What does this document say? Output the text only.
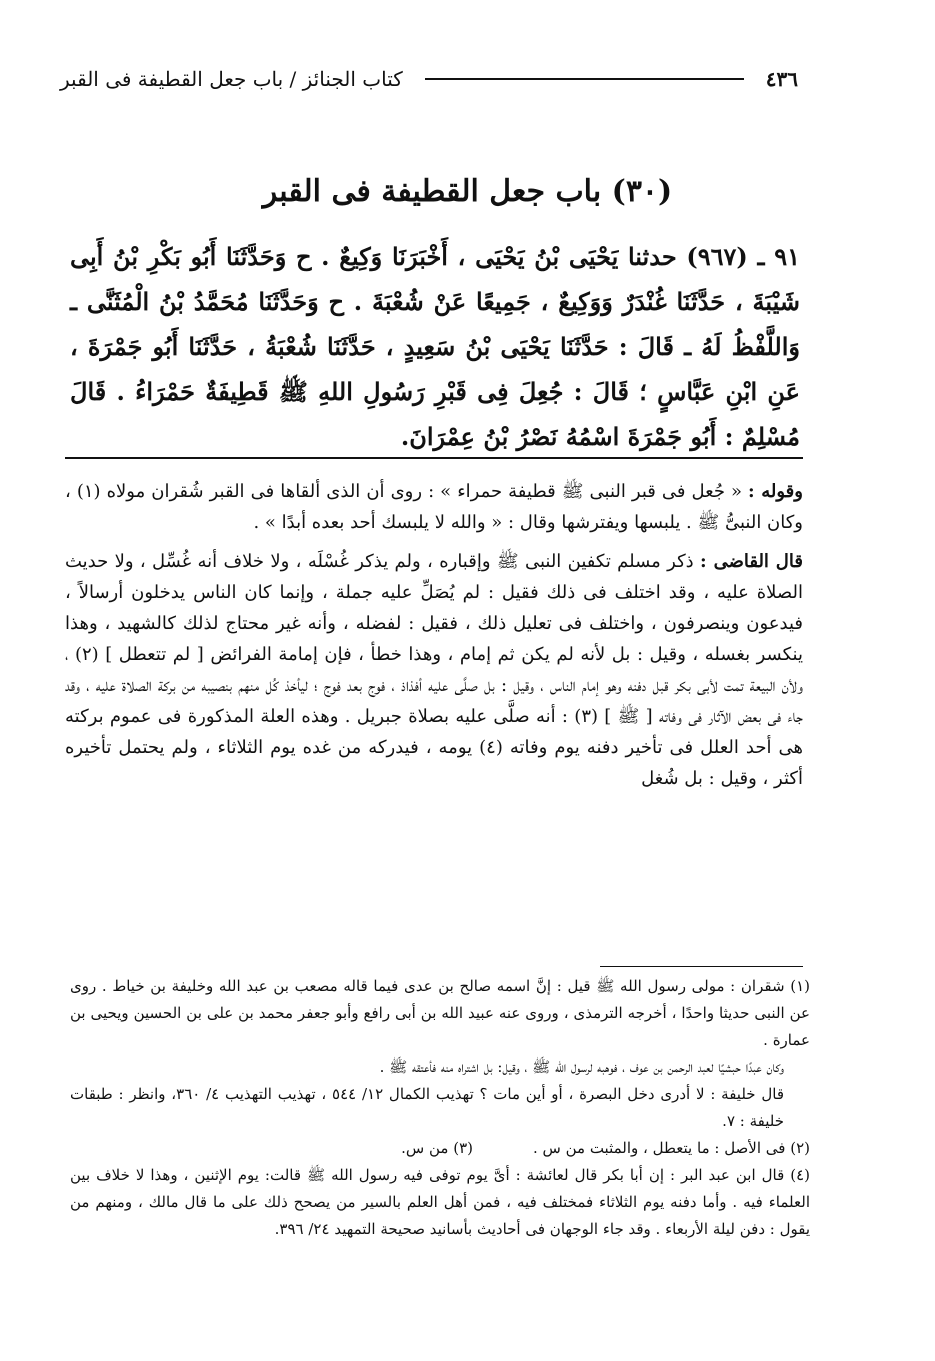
٤٣٦
كتاب الجنائز / باب جعل القطيفة فى القبر
(٣٠) باب جعل القطيفة فى القبر
٩١ ـ (٩٦٧) حدثنا يَحْيَى بْنُ يَحْيَى ، أَخْبَرَنَا وَكِيعٌ . ح وَحَدَّثَنَا أَبُو بَكْرِ بْنُ أَبِى شَيْبَةَ ، حَدَّثَنَا غُنْدَرٌ وَوَكِيعٌ ، جَمِيعًا عَنْ شُعْبَةَ . ح وَحَدَّثَنَا مُحَمَّدُ بْنُ الْمُثَنَّى ـ وَاللَّفْظُ لَهُ ـ قَالَ : حَدَّثَنَا يَحْيَى بْنُ سَعِيدٍ ، حَدَّثَنَا شُعْبَةُ ، حَدَّثَنَا أَبُو جَمْرَةَ ، عَنِ ابْنِ عَبَّاسٍ ؛ قَالَ : جُعِلَ فِى قَبْرِ رَسُولِ اللهِ ﷺ قَطِيفَةٌ حَمْرَاءُ . قَالَ مُسْلِمٌ : أَبُو جَمْرَةَ اسْمُهُ نَصْرُ بْنُ عِمْرَانَ.

وقوله : « جُعل فى قبر النبى ﷺ قطيفة حمراء » : روى أن الذى ألقاها فى القبر شُقران مولاه (١) ، وكان النبىُّ ﷺ . يلبسها ويفترشها وقال : « والله لا يلبسك أحد بعده أبدًا » .

قال القاضى : ذكر مسلم تكفين النبى ﷺ وإقباره ، ولم يذكر غُسْلَه ، ولا خلاف أنه غُسِّل ، ولا حديث الصلاة عليه ، وقد اختلف فى ذلك فقيل : لم يُصَلِّ عليه جملة ، وإنما كان الناس يدخلون أرسالاً ، فيدعون وينصرفون ، واختلف فى تعليل ذلك ، فقيل : لفضله ، وأنه غير محتاج لذلك كالشهيد ، وهذا ينكسر بغسله ، وقيل : بل لأنه لم يكن ثم إمام ، وهذا خطأ ، فإن إمامة الفرائض [ لم تتعطل ] (٢) ، ولأن البيعة تمت لأبى بكر قبل دفنه وهو إمام الناس ، وقيل : بل صلَّى عليه أفذاذ ، فوج بعد فوج ؛ ليأخذ كُل منهم بنصيبه من بركة الصلاة عليه ، وقد جاء فى بعض الآثار فى وفاته [ ﷺ ] (٣) : أنه صلَّى عليه بصلاة جبريل . وهذه العلة المذكورة فى عموم بركته هى أحد العلل فى تأخير دفنه يوم وفاته (٤) يومه ، فيدركه من غده يوم الثلاثاء ، ولم يحتمل تأخيره أكثر ، وقيل : بل شُغل

(١) شقران : مولى رسول الله ﷺ قيل : إنَّ اسمه صالح بن عدى فيما قاله مصعب بن عبد الله وخليفة بن خياط . روى عن النبى حديثا واحدًا ، أخرجه الترمذى ، وروى عنه عبيد الله بن أبى رافع وأبو جعفر محمد بن على بن الحسين ويحيى بن عمارة .

وكان عبدًا حبشيًا لعبد الرحمن بن عوف ، فوهبه لرسول الله ﷺ ، وقيل: بل اشتراه منه فأعتقه ﷺ .

قال خليفة : لا أدرى دخل البصرة ، أو أين مات ؟ تهذيب الكمال ١٢/ ٥٤٤ ، تهذيب التهذيب ٤/ ٣٦٠، وانظر : طبقات خليفة : ٧.

(٢) فى الأصل : ما يتعطل ، والمثبت من س .
(٣) من س.

(٤) قال ابن عبد البر : إن أبا بكر قال لعائشة : أىَّ يوم توفى فيه رسول الله ﷺ قالت: يوم الإثنين ، وهذا لا خلاف بين العلماء فيه . وأما دفنه يوم الثلاثاء فمختلف فيه ، فمن أهل العلم بالسير من يصحح ذلك على ما قال مالك ، ومنهم من يقول : دفن ليلة الأربعاء . وقد جاء الوجهان فى أحاديث بأسانيد صحيحة التمهيد ٢٤/ ٣٩٦.
